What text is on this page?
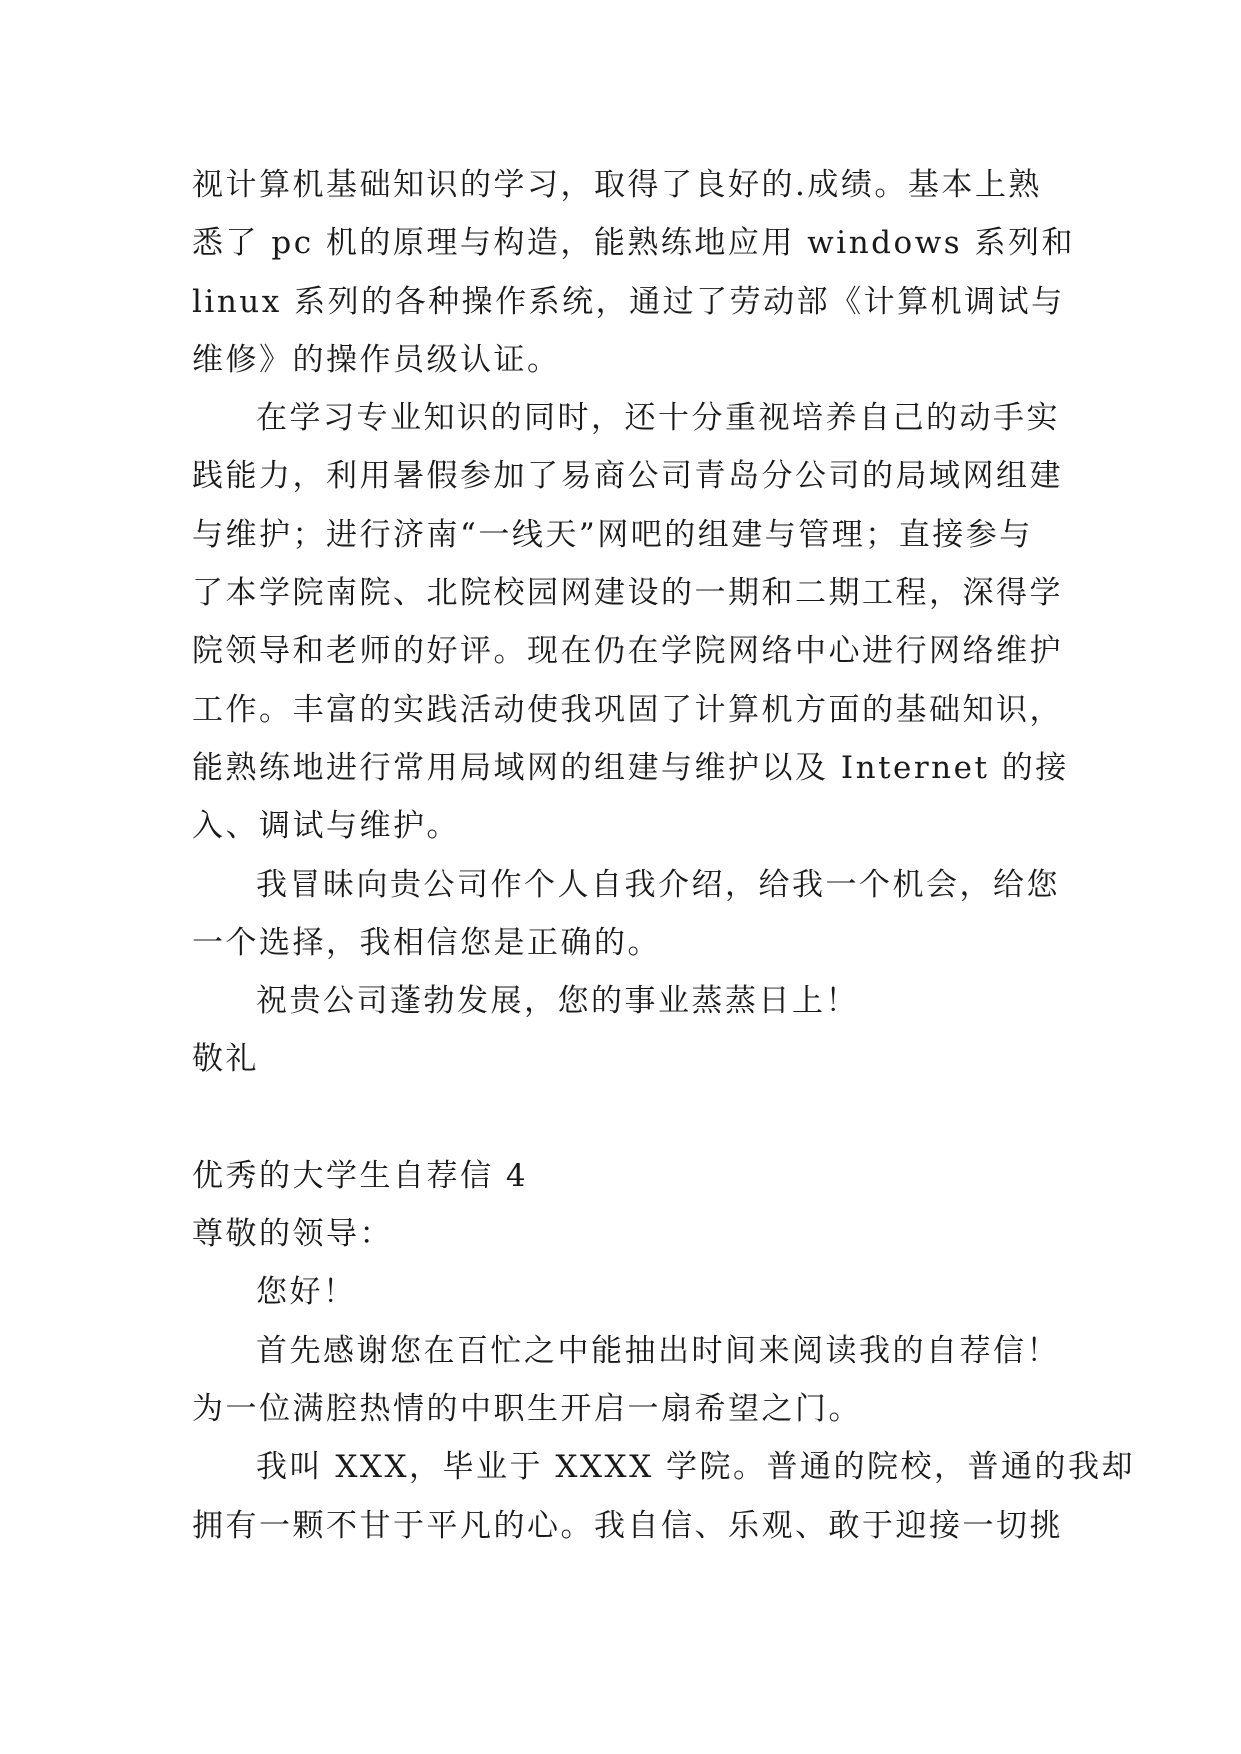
视计算机基础知识的学习，取得了良好的.成绩。基本上熟
悉了 pc 机的原理与构造，能熟练地应用 windows 系列和
linux 系列的各种操作系统，通过了劳动部《计算机调试与
维修》的操作员级认证。
在学习专业知识的同时，还十分重视培养自己的动手实
践能力，利用暑假参加了易商公司青岛分公司的局域网组建
与维护；进行济南“一线天”网吧的组建与管理；直接参与
了本学院南院、北院校园网建设的一期和二期工程，深得学
院领导和老师的好评。现在仍在学院网络中心进行网络维护
工作。丰富的实践活动使我巩固了计算机方面的基础知识，
能熟练地进行常用局域网的组建与维护以及 Internet 的接
入、调试与维护。
我冒昧向贵公司作个人自我介绍，给我一个机会，给您
一个选择，我相信您是正确的。
祝贵公司蓬勃发展，您的事业蒸蒸日上！
敬礼
优秀的大学生自荐信 4
尊敬的领导：
您好！
首先感谢您在百忙之中能抽出时间来阅读我的自荐信！
为一位满腔热情的中职生开启一扇希望之门。
我叫 XXX，毕业于 XXXX 学院。普通的院校，普通的我却
拥有一颗不甘于平凡的心。我自信、乐观、敢于迎接一切挑
